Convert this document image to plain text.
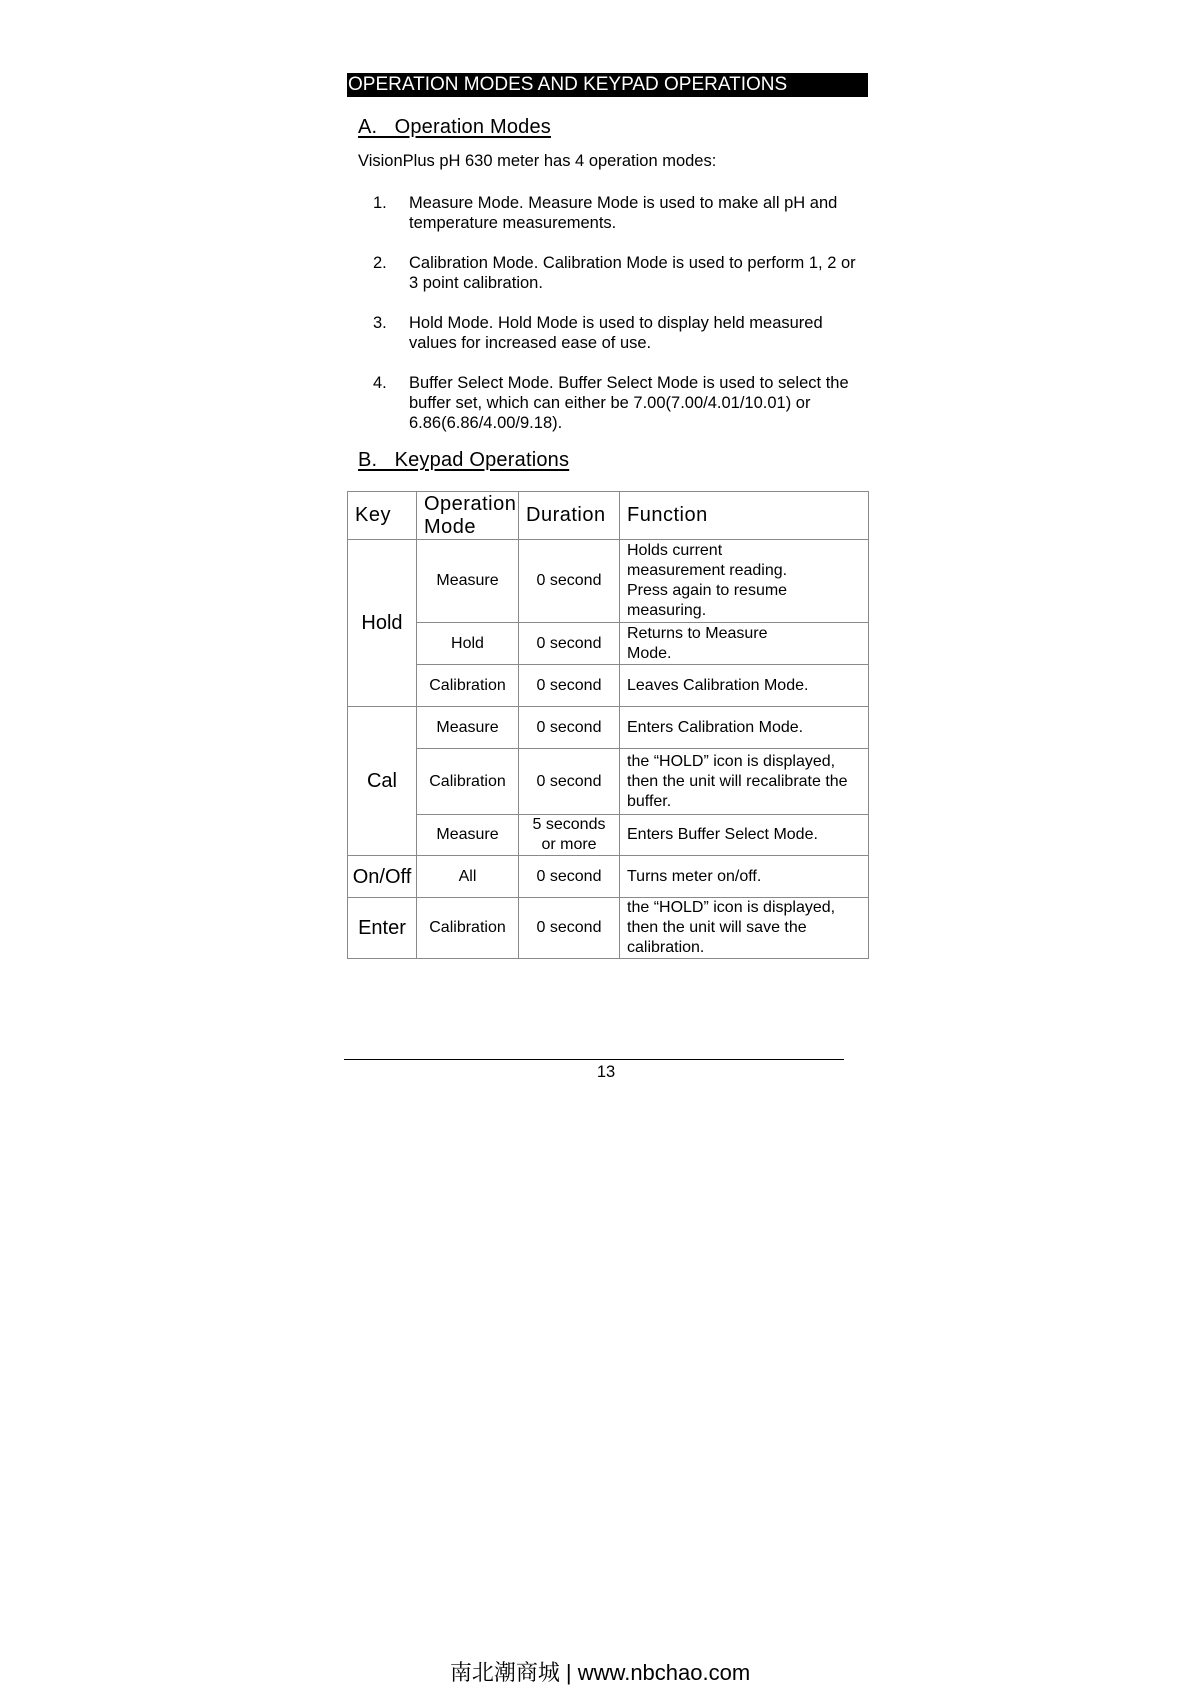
OPERATION MODES AND KEYPAD OPERATIONS
A.   Operation Modes
VisionPlus pH 630 meter has 4 operation modes:
1. Measure Mode. Measure Mode is used to make all pH and temperature measurements.
2. Calibration Mode. Calibration Mode is used to perform 1, 2 or 3 point calibration.
3. Hold Mode. Hold Mode is used to display held measured values for increased ease of use.
4. Buffer Select Mode. Buffer Select Mode is used to select the buffer set, which can either be 7.00(7.00/4.01/10.01) or 6.86(6.86/4.00/9.18).
B.   Keypad Operations
Key	Operation Mode	Duration	Function
Hold	Measure	0 second	Holds current measurement reading. Press again to resume measuring.
	Hold	0 second	Returns to Measure Mode.
	Calibration	0 second	Leaves Calibration Mode.
Cal	Measure	0 second	Enters Calibration Mode.
	Calibration	0 second	the “HOLD” icon is displayed, then the unit will recalibrate the buffer.
	Measure	5 seconds or more	Enters Buffer Select Mode.
On/Off	All	0 second	Turns meter on/off.
Enter	Calibration	0 second	the “HOLD” icon is displayed, then the unit will save the calibration.
13
南北潮商城 | www.nbchao.com
